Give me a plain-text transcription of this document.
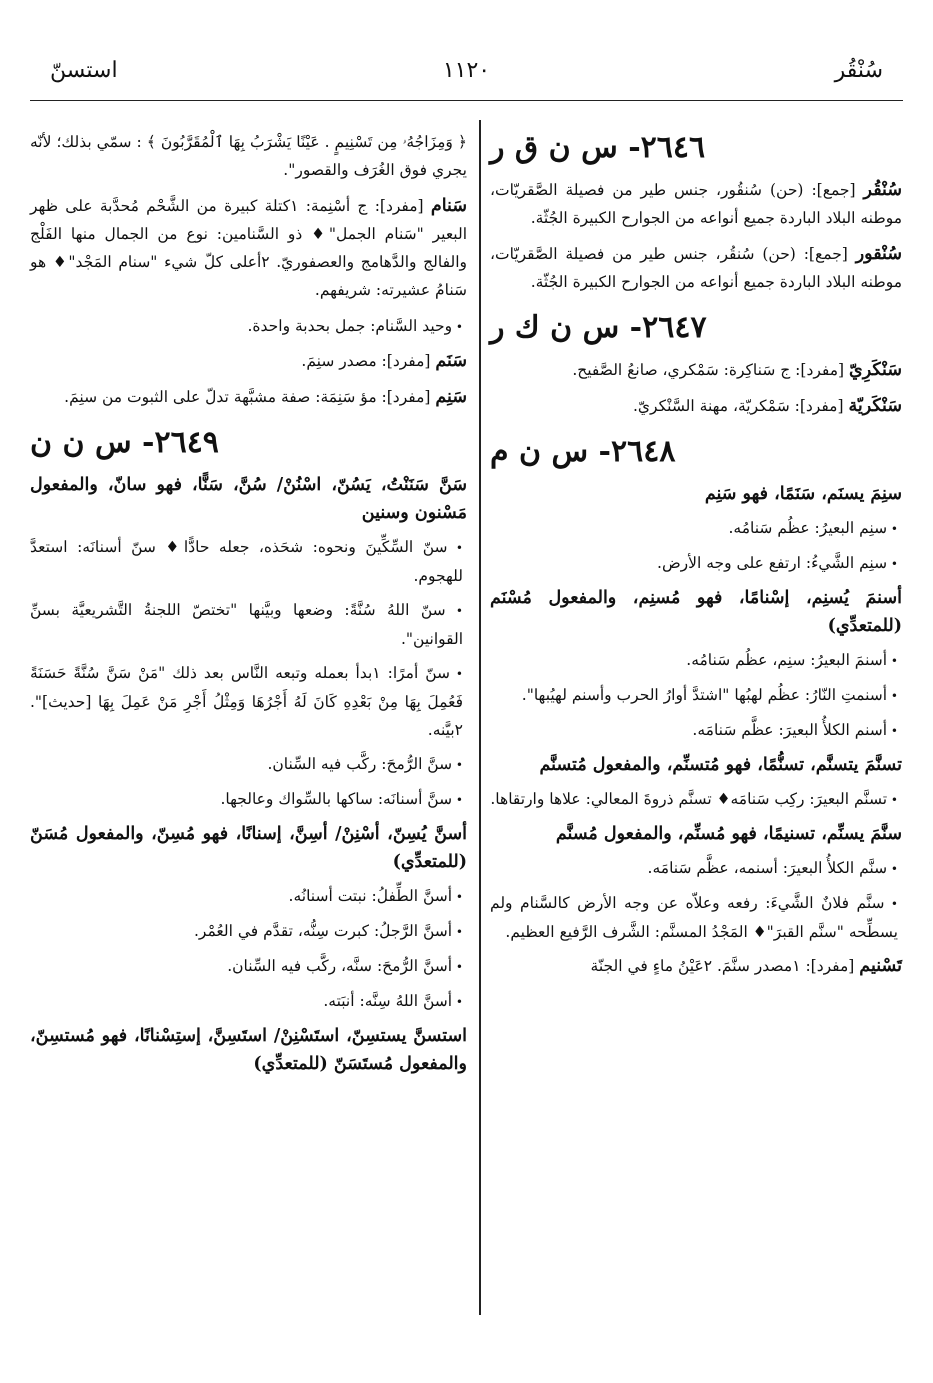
سُنْقُر
١١٢٠
استسنّ
٢٦٤٦- س ن ق ر
سُنْقُر [جمع]: (حن) سُنقُور، جنس طير من فصيلة الصَّقريّات، موطنه البلاد الباردة جميع أنواعه من الجوارح الكبيرة الجُثّة.
سُنْقور [جمع]: (حن) سُنقُر، جنس طير من فصيلة الصَّقريّات، موطنه البلاد الباردة جميع أنواعه من الجوارح الكبيرة الجُثّة.
٢٦٤٧- س ن ك ر
سَنْكَرِيّ [مفرد]: ج سَناكِرة: سَمْكري، صانعُ الصَّفيح.
سَنْكَريّة [مفرد]: سَمْكريّة، مهنة السَّنْكريّ.
٢٦٤٨- س ن م
سنِمَ يسنَم، سَنَمًا، فهو سَنِم
• سنِم البعيرُ: عظُم سَنامُه.
• سنِم الشَّيءُ: ارتفع على وجه الأرض.
أسنمَ يُسنِم، إسْنامًا، فهو مُسنِم، والمفعول مُسْنَم (للمتعدِّي)
• أسنمَ البعيرُ: سنِم، عظُم سَنامُه.
• أسنمتِ النّارُ: عظُم لهبُها "اشتدَّ أوارُ الحرب وأسنم لهيُبها".
• أسنم الكلأُ البعيرَ: عظَّم سَنامَه.
تسنَّمَ يتسنَّم، تسنُّمًا، فهو مُتسنِّم، والمفعول مُتسنَّم
• تسنَّم البعيرَ: ركِب سَنامَه♦ تسنَّم ذروةَ المعالي: علاها وارتقاها.
سنَّمَ يسنِّم، تسنيمًا، فهو مُسنِّم، والمفعول مُسنَّم
• سنَّم الكلأُ البعيرَ: أسنمه، عظَّم سَنامَه.
• سنَّم فلانٌ الشَّيءَ: رفعه وعلاّه عن وجه الأرض كالسَّنام ولم يسطِّحه "سنَّم القبرَ"♦ المَجْدُ المسنَّم: الشَّرف الرَّفيع العظيم.
تَسْنيم [مفرد]: ١مصدر سنَّمَ. ٢عَيْنُ ماءٍ في الجنّة
﴿ وَمِزَاجُهُۥ مِن تَسْنِيمٍ . عَيْنًا يَشْرَبُ بِهَا ٱلْمُقَرَّبُونَ ﴾ : سمّي بذلك؛ لأنّه يجري فوق الغُرَف والقصور".
سَنام [مفرد]: ج أسْنِمة: ١كتلة كبيرة من الشَّحْم مُحدَّبة على ظهر البعير "سَنام الجمل"♦ ذو السَّنامين: نوع من الجمال منها الفَلْج والفالج والدَّهامج والعصفوريّ. ٢أعلى كلّ شيء "سنام المَجْد"♦ هو سَنامُ عشيرته: شريفهم.
• وحيد السَّنام: جمل بحدبة واحدة.
سَنَم [مفرد]: مصدر سنِمَ.
سَنِم [مفرد]: مؤ سَنِمَة: صفة مشبَّهة تدلّ على الثبوت من سنِمَ.
٢٦٤٩- س ن ن
سَنَّ سَنَنْتُ، يَسُنّ، اسْنُنْ/ سُنَّ، سَنًّا، فهو سانّ، والمفعول مَسْنون وسنين
• سنّ السِّكِّينَ ونحوه: شحَذه، جعله حادًّا♦ سنّ أسنانَه: استعدَّ للهجوم.
• سنّ اللهُ سُنَّةً: وضعها وبيَّنها "تختصّ اللجنةُ التَّشريعيَّة بسنِّ القوانين".
• سنّ أمرًا: ١بدأ بعمله وتبعه النَّاس بعد ذلك "مَنْ سَنَّ سُنَّةً حَسَنَةً فَعُمِلَ بِهَا مِنْ بَعْدِهِ كَانَ لَهُ أَجْرُهَا وَمِثْلُ أَجْرِ مَنْ عَمِلَ بِهَا [حديث]". ٢بيَّنه.
• سنَّ الرُّمحَ: ركَّب فيه السِّنان.
• سنَّ أسنانَه: ساكها بالسِّواك وعالجها.
أسنَّ يُسِنّ، أسْنِنْ/ أسِنَّ، إسنانًا، فهو مُسِنّ، والمفعول مُسَنّ (للمتعدِّي)
• أسنَّ الطِّفلُ: نبتت أسنانُه.
• أسنَّ الرَّجلُ: كبرت سِنُّه، تقدَّم في العُمْر.
• أسنَّ الرُّمحَ: سنَّه، ركَّب فيه السِّنان.
• أسنَّ اللهُ سِنَّه: أنبَته.
استسنَّ يستسِنّ، استَسْنِنْ/ استَسِنَّ، إستِسْنانًا، فهو مُستسِنّ، والمفعول مُستَسَنّ (للمتعدِّي)
